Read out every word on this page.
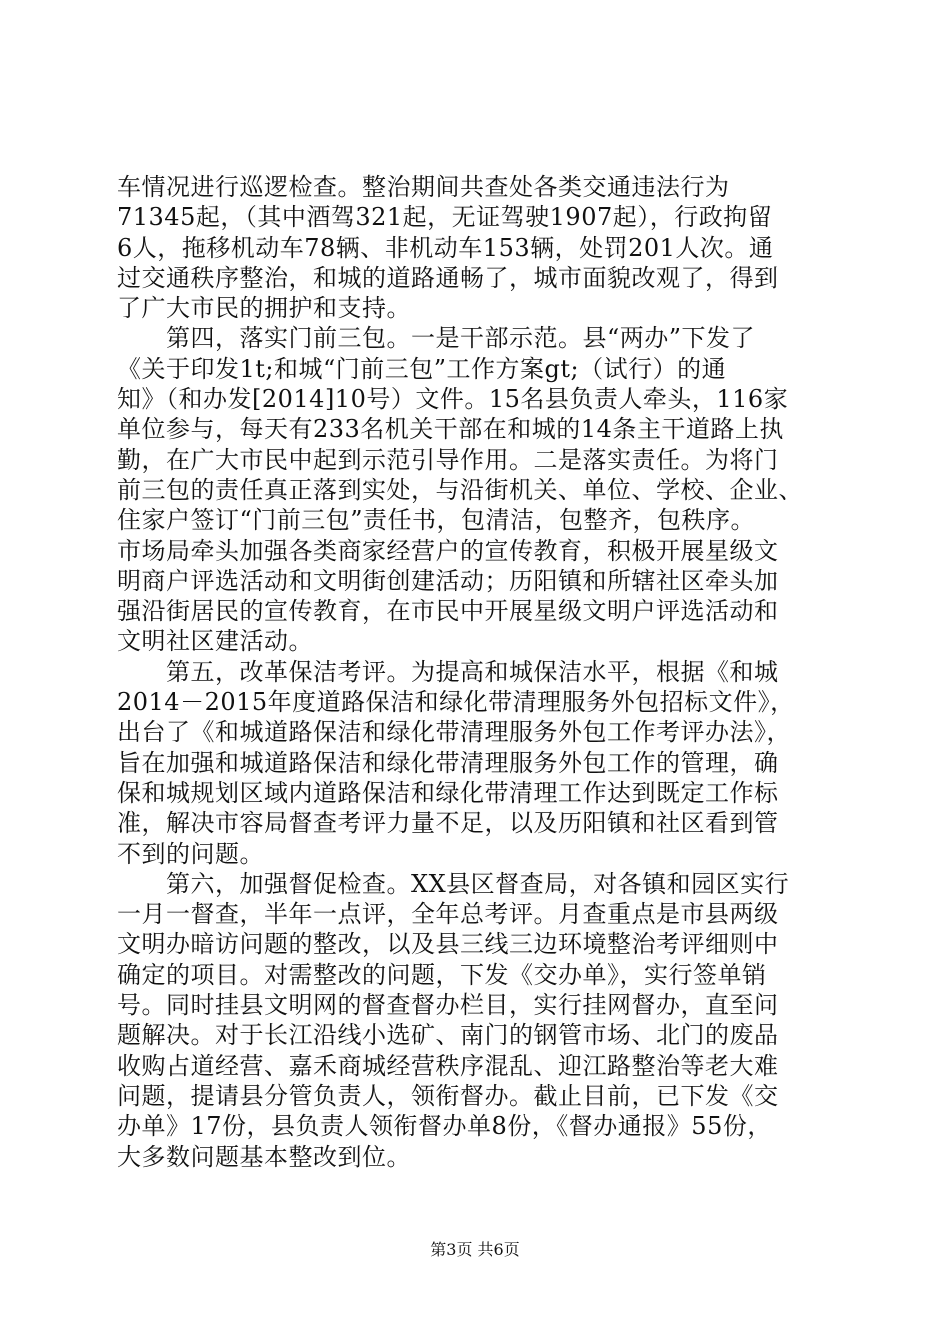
车情况进行巡逻检查。整治期间共查处各类交通违法行为
71345起，（其中酒驾321起，无证驾驶1907起），行政拘留
6人，拖移机动车78辆、非机动车153辆，处罚201人次。通
过交通秩序整治，和城的道路通畅了，城市面貌改观了，得到
了广大市民的拥护和支持。
　　第四，落实门前三包。一是干部示范。县“两办”下发了
《关于印发1t;和城“门前三包”工作方案gt;（试行）的通
知》（和办发[2014]10号）文件。15名县负责人牵头，116家
单位参与，每天有233名机关干部在和城的14条主干道路上执
勤，在广大市民中起到示范引导作用。二是落实责任。为将门
前三包的责任真正落到实处，与沿街机关、单位、学校、企业、
住家户签订“门前三包”责任书，包清洁，包整齐，包秩序。
市场局牵头加强各类商家经营户的宣传教育，积极开展星级文
明商户评选活动和文明街创建活动；历阳镇和所辖社区牵头加
强沿街居民的宣传教育，在市民中开展星级文明户评选活动和
文明社区建活动。
　　第五，改革保洁考评。为提高和城保洁水平，根据《和城
2014－2015年度道路保洁和绿化带清理服务外包招标文件》，
出台了《和城道路保洁和绿化带清理服务外包工作考评办法》，
旨在加强和城道路保洁和绿化带清理服务外包工作的管理，确
保和城规划区域内道路保洁和绿化带清理工作达到既定工作标
准，解决市容局督查考评力量不足，以及历阳镇和社区看到管
不到的问题。
　　第六，加强督促检查。XX县区督查局，对各镇和园区实行
一月一督查，半年一点评，全年总考评。月查重点是市县两级
文明办暗访问题的整改，以及县三线三边环境整治考评细则中
确定的项目。对需整改的问题，下发《交办单》，实行签单销
号。同时挂县文明网的督查督办栏目，实行挂网督办，直至问
题解决。对于长江沿线小选矿、南门的钢管市场、北门的废品
收购占道经营、嘉禾商城经营秩序混乱、迎江路整治等老大难
问题，提请县分管负责人，领衔督办。截止目前，已下发《交
办单》17份，县负责人领衔督办单8份，《督办通报》55份，
大多数问题基本整改到位。
第3页 共6页
